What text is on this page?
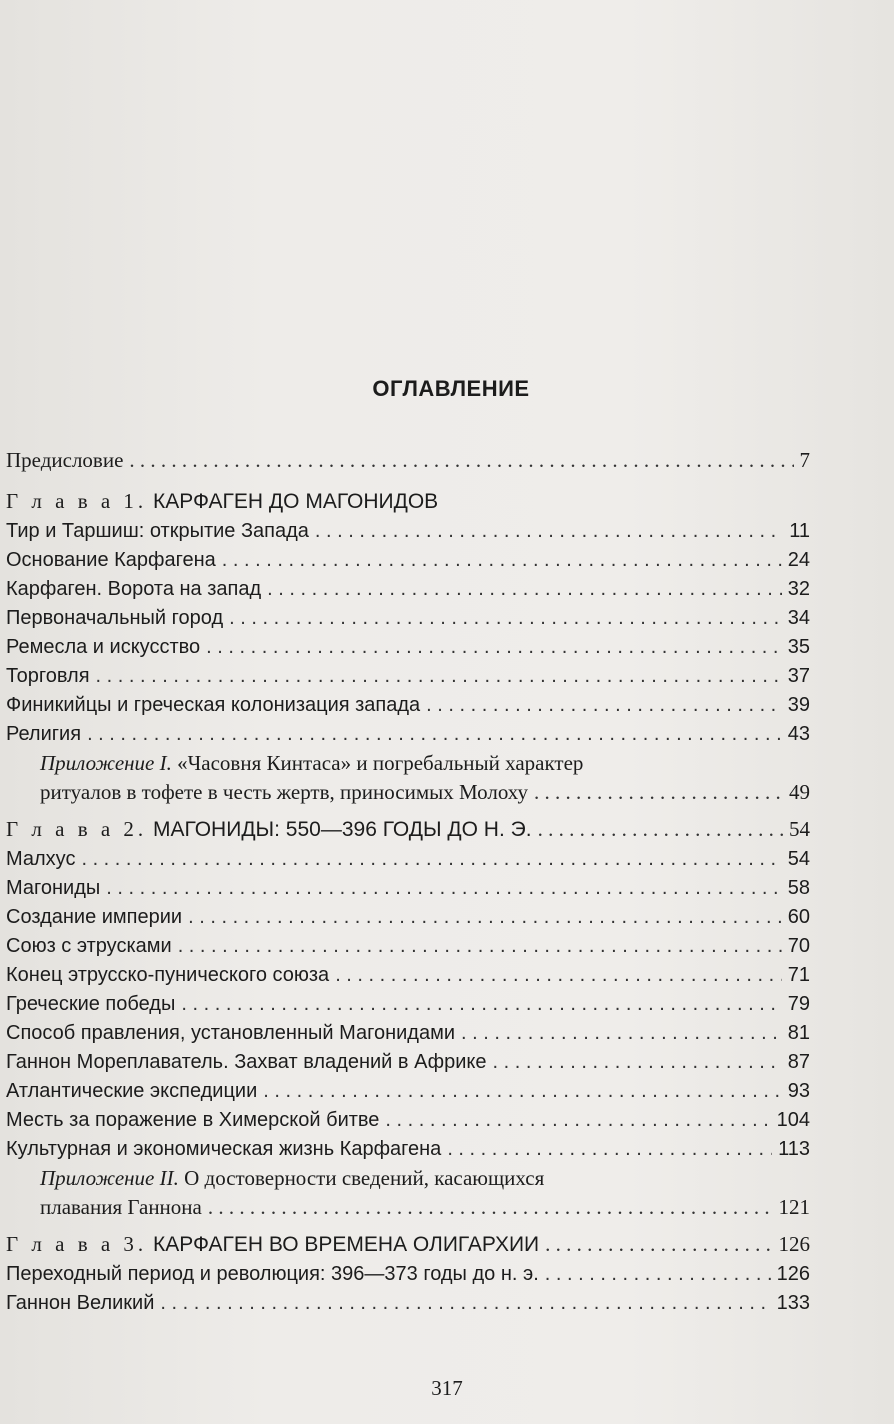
ОГЛАВЛЕНИЕ
Предисловие . . .	7
Г л а в а 1. КАРФАГЕН ДО МАГОНИДОВ
Тир и Таршиш: открытие Запада . . .	11
Основание Карфагена . . .	24
Карфаген. Ворота на запад . . .	32
Первоначальный город . . .	34
Ремесла и искусство . . .	35
Торговля . . .	37
Финикийцы и греческая колонизация запада . . .	39
Религия . . .	43
Приложение I. «Часовня Кинтаса» и погребальный характер
ритуалов в тофете в честь жертв, приносимых Молоху . . .	49
Г л а в а 2. МАГОНИДЫ: 550—396 ГОДЫ ДО Н. Э. . . .	54
Малхус . . .	54
Магониды . . .	58
Создание империи . . .	60
Союз с этрусками . . .	70
Конец этрусско-пунического союза . . .	71
Греческие победы . . .	79
Способ правления, установленный Магонидами . . .	81
Ганнон Мореплаватель. Захват владений в Африке . . .	87
Атлантические экспедиции . . .	93
Месть за поражение в Химерской битве . . .	104
Культурная и экономическая жизнь Карфагена . . .	113
Приложение II. О достоверности сведений, касающихся
плавания Ганнона . . .	121
Г л а в а 3. КАРФАГЕН ВО ВРЕМЕНА ОЛИГАРХИИ . . .	126
Переходный период и революция: 396—373 годы до н. э. . . .	126
Ганнон Великий . . .	133
317
